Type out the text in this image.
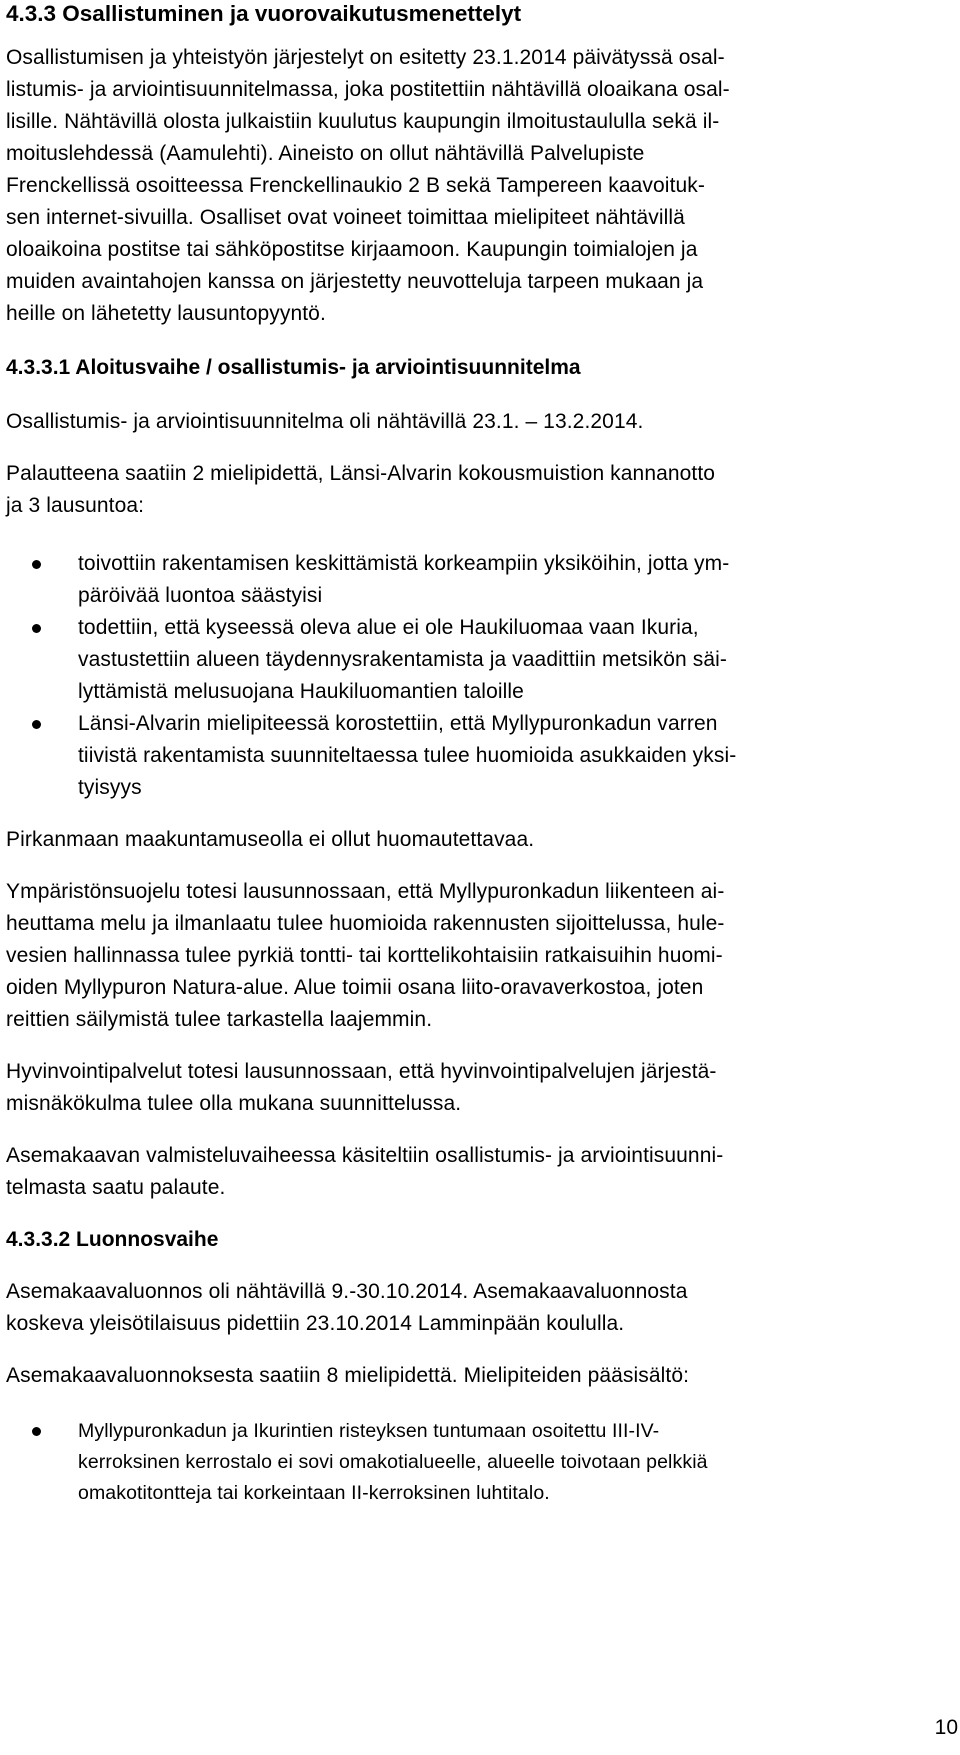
4.3.3 Osallistuminen ja vuorovaikutusmenettelyt
Osallistumisen ja yhteistyön järjestelyt on esitetty 23.1.2014 päivätyssä osal-
listumis- ja arviointisuunnitelmassa, joka postitettiin nähtävillä oloaikana osal-
lisille. Nähtävillä olosta julkaistiin kuulutus kaupungin ilmoitustaululla sekä il-
moituslehdessä (Aamulehti). Aineisto on ollut nähtävillä Palvelupiste
Frenckellissä osoitteessa Frenckellinaukio 2 B sekä Tampereen kaavoituk-
sen internet-sivuilla. Osalliset ovat voineet toimittaa mielipiteet nähtävillä
oloaikoina postitse tai sähköpostitse kirjaamoon. Kaupungin toimialojen ja
muiden avaintahojen kanssa on järjestetty neuvotteluja tarpeen mukaan ja
heille on lähetetty lausuntopyyntö.
4.3.3.1 Aloitusvaihe / osallistumis- ja arviointisuunnitelma
Osallistumis- ja arviointisuunnitelma oli nähtävillä 23.1. – 13.2.2014.
Palautteena saatiin 2 mielipidettä, Länsi-Alvarin kokousmuistion kannanotto
ja 3 lausuntoa:
toivottiin rakentamisen keskittämistä korkeampiin yksiköihin, jotta ym-
päröivää luontoa säästyisi
todettiin, että kyseessä oleva alue ei ole Haukiluomaa vaan Ikuria,
vastustettiin alueen täydennysrakentamista ja vaadittiin metsikön säi-
lyttämistä melusuojana Haukiluomantien taloille
Länsi-Alvarin mielipiteessä korostettiin, että Myllypuronkadun varren
tiivistä rakentamista suunniteltaessa tulee huomioida asukkaiden yksi-
tyisyys
Pirkanmaan maakuntamuseolla ei ollut huomautettavaa.
Ympäristönsuojelu totesi lausunnossaan, että Myllypuronkadun liikenteen ai-
heuttama melu ja ilmanlaatu tulee huomioida rakennusten sijoittelussa, hule-
vesien hallinnassa tulee pyrkiä tontti- tai korttelikohtaisiin ratkaisuihin huomi-
oiden Myllypuron Natura-alue. Alue toimii osana liito-oravaverkostoa, joten
reittien säilymistä tulee tarkastella laajemmin.
Hyvinvointipalvelut totesi lausunnossaan, että hyvinvointipalvelujen järjestä-
misnäkökulma tulee olla mukana suunnittelussa.
Asemakaavan valmisteluvaiheessa käsiteltiin osallistumis- ja arviointisuunni-
telmasta saatu palaute.
4.3.3.2 Luonnosvaihe
Asemakaavaluonnos oli nähtävillä 9.-30.10.2014. Asemakaavaluonnosta
koskeva yleisötilaisuus pidettiin 23.10.2014 Lamminpään koululla.
Asemakaavaluonnoksesta saatiin 8 mielipidettä. Mielipiteiden pääsisältö:
Myllypuronkadun ja Ikurintien risteyksen tuntumaan osoitettu III-IV-
kerroksinen kerrostalo ei sovi omakotialueelle, alueelle toivotaan pelkkiä
omakotitontteja tai korkeintaan II-kerroksinen luhtitalo.
10
